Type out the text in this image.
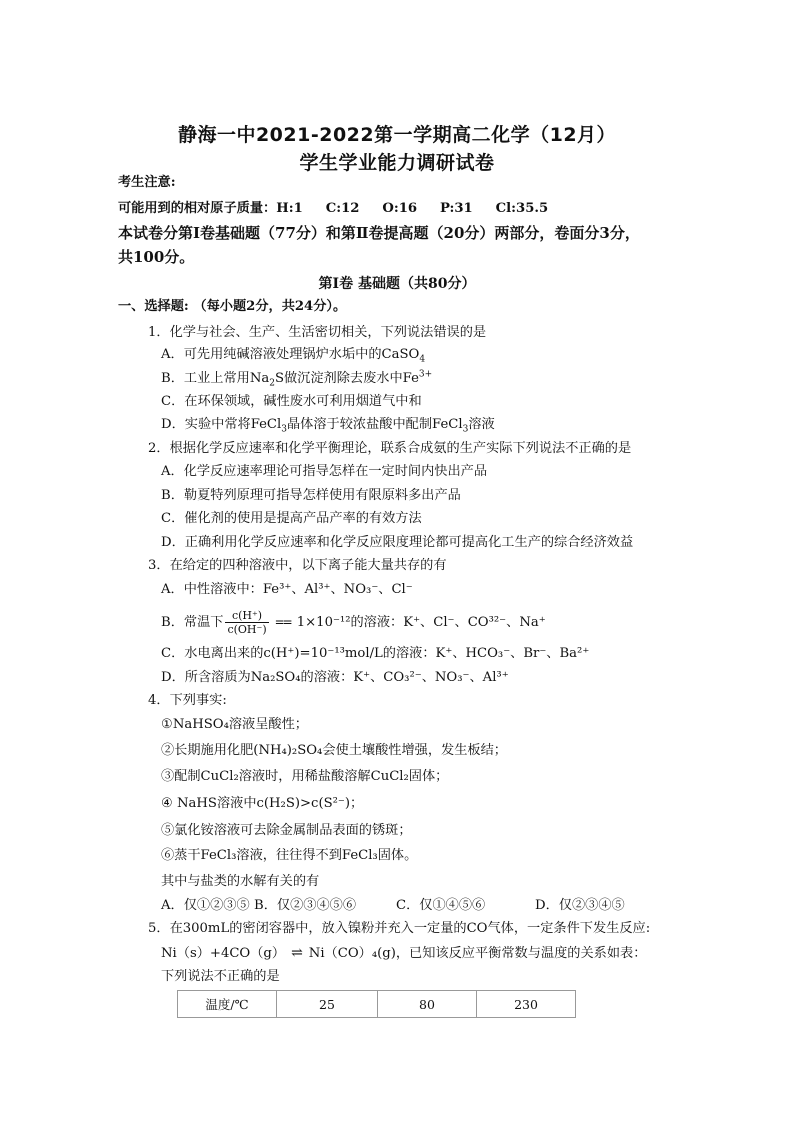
静海一中2021-2022第一学期高二化学（12月）
学生学业能力调研试卷
考生注意:
可能用到的相对原子质量：H:1     C:12     O:16     P:31     Cl:35.5
本试卷分第Ⅰ卷基础题（77分）和第Ⅱ卷提高题（20分）两部分，卷面分3分，
共100分。
第Ⅰ卷 基础题（共80分）
一、选择题: （每小题2分，共24分）。
1．化学与社会、生产、生活密切相关，下列说法错误的是
A．可先用纯碱溶液处理锅炉水垢中的CaSO$_4$
B．工业上常用$Na_2S$做沉淀剂除去废水中$Fe^{3+}$
C．在环保领域，碱性废水可利用烟道气中和
D．实验中常将FeCl$_3$晶体溶于较浓盐酸中配制FeCl$_3$溶液
2．根据化学反应速率和化学平衡理论，联系合成氨的生产实际下列说法不正确的是
A．化学反应速率理论可指导怎样在一定时间内快出产品
B．勒夏特列原理可指导怎样使用有限原料多出产品
C．催化剂的使用是提高产品产率的有效方法
D．正确利用化学反应速率和化学反应限度理论都可提高化工生产的综合经济效益
3．在给定的四种溶液中，以下离子能大量共存的有
A．中性溶液中：Fe³⁺、Al³⁺、NO₃⁻、Cl⁻
B．常温下 $\frac{c(H^+)}{c(OH^-)} == 1\times 10^{-12}$的溶液：K⁺、Cl⁻、CO³²⁻、Na⁺
C．水电离出来的c(H⁺)=10⁻¹³mol/L的溶液：K⁺、HCO₃⁻、Br⁻、Ba²⁺
D．所含溶质为Na₂SO₄的溶液：K⁺、CO₃²⁻、NO₃⁻、Al³⁺
4．下列事实:
①NaHSO₄溶液呈酸性；
②长期施用化肥(NH₄)₂SO₄会使土壤酸性增强，发生板结；
③配制CuCl₂溶液时，用稀盐酸溶解CuCl₂固体；
④ NaHS溶液中c(H₂S)>c(S²⁻)；
⑤氯化铵溶液可去除金属制品表面的锈斑；
⑥蒸干FeCl₃溶液，往往得不到FeCl₃固体。
其中与盐类的水解有关的有
A．仅①②③⑤ B．仅②③④⑤⑥	C．仅①④⑤⑥	D．仅②③④⑤
5．在300mL的密闭容器中，放入镍粉并充入一定量的CO气体，一定条件下发生反应:
Ni（s）+4CO（g） ⇌ Ni（CO）₄(g)，已知该反应平衡常数与温度的关系如表：
下列说法不正确的是
温度/℃	25	80	230
